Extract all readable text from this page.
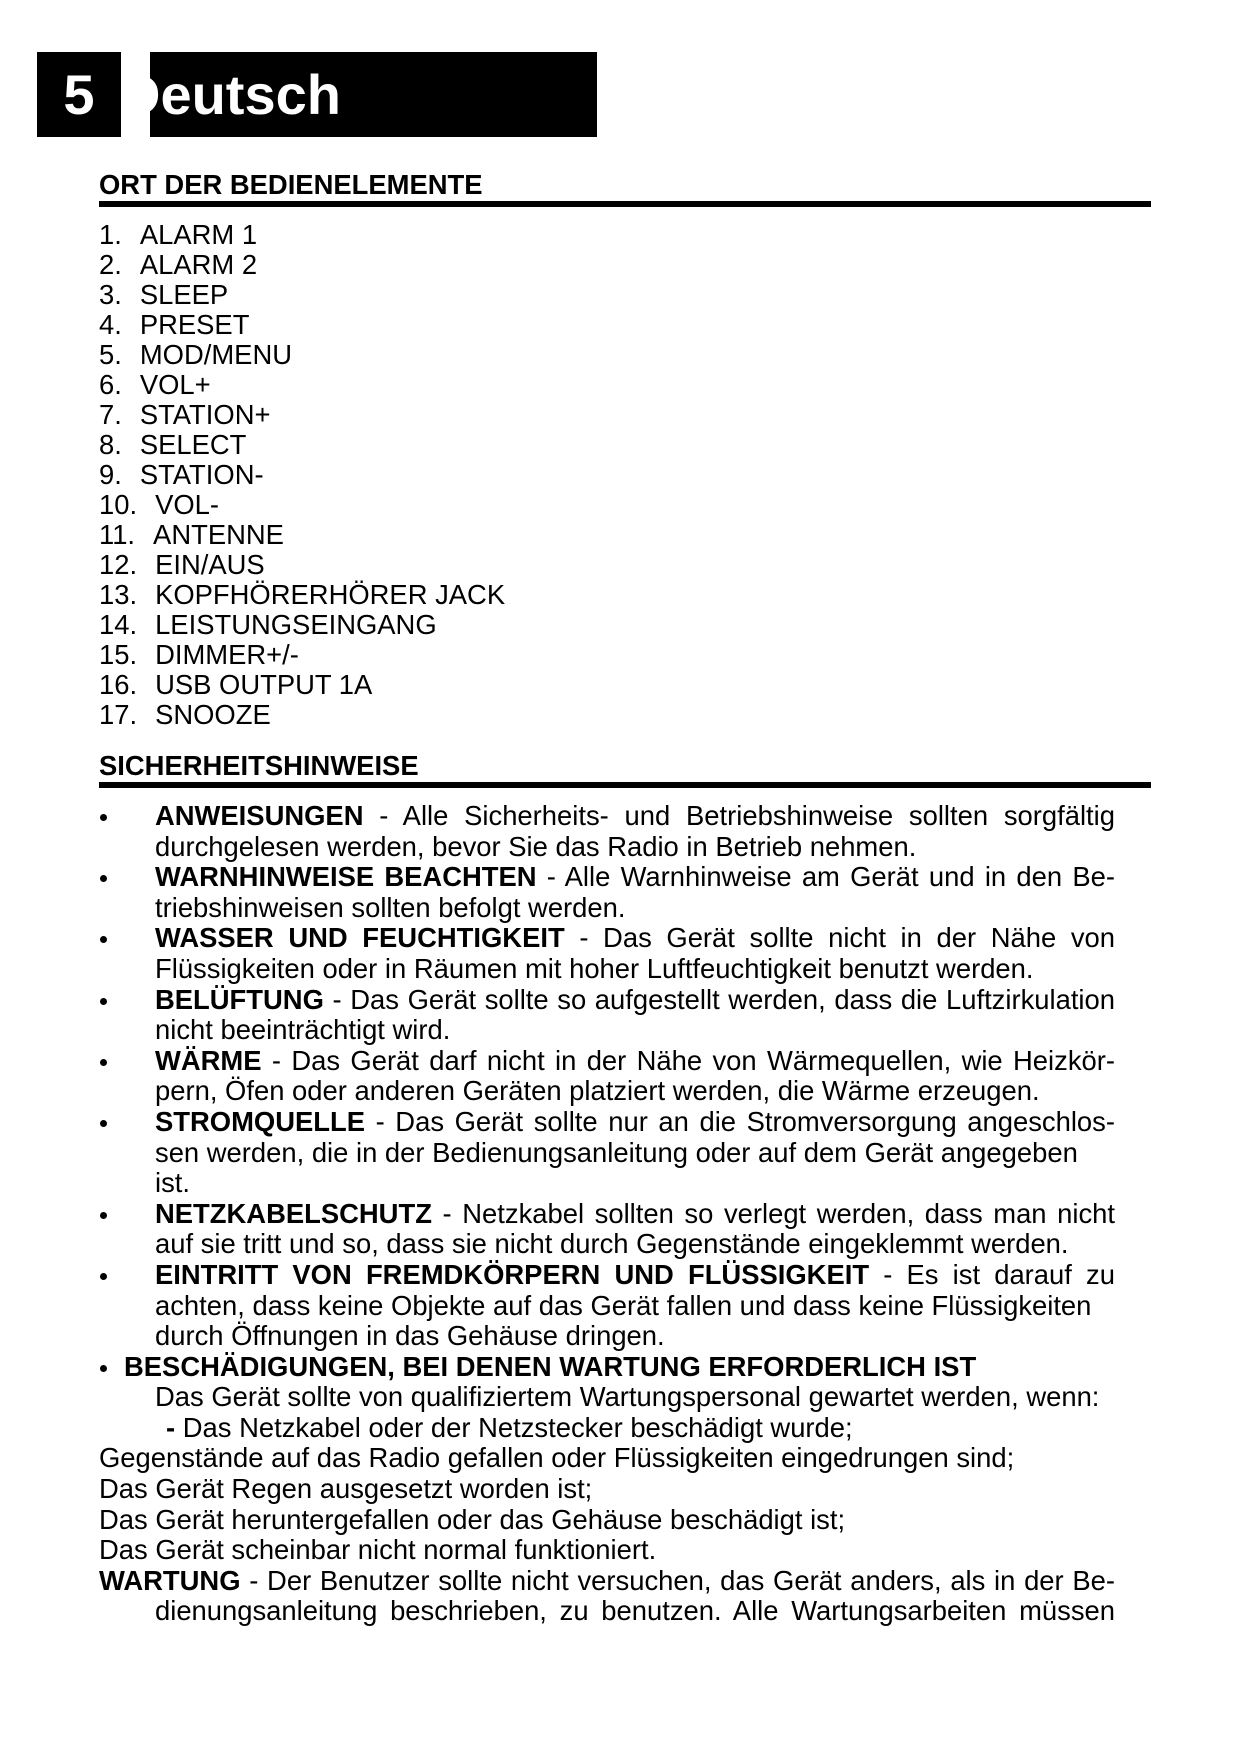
5 Deutsch
ORT DER BEDIENELEMENTE
1. ALARM 1
2. ALARM 2
3. SLEEP
4. PRESET
5. MOD/MENU
6. VOL+
7. STATION+
8. SELECT
9. STATION-
10. VOL-
11. ANTENNE
12. EIN/AUS
13. KOPFHÖRERHÖRER JACK
14. LEISTUNGSEINGANG
15. DIMMER+/-
16. USB OUTPUT 1A
17. SNOOZE
SICHERHEITSHINWEISE
ANWEISUNGEN - Alle Sicherheits- und Betriebshinweise sollten sorgfältig
durchgelesen werden, bevor Sie das Radio in Betrieb nehmen.
WARNHINWEISE BEACHTEN - Alle Warnhinweise am Gerät und in den Be-
triebshinweisen sollten befolgt werden.
WASSER UND FEUCHTIGKEIT - Das Gerät sollte nicht in der Nähe von
Flüssigkeiten oder in Räumen mit hoher Luftfeuchtigkeit benutzt werden.
BELÜFTUNG - Das Gerät sollte so aufgestellt werden, dass die Luftzirkulation
nicht beeinträchtigt wird.
WÄRME - Das Gerät darf nicht in der Nähe von Wärmequellen, wie Heizkör-
pern, Öfen oder anderen Geräten platziert werden, die Wärme erzeugen.
STROMQUELLE - Das Gerät sollte nur an die Stromversorgung angeschlos-
sen werden, die in der Bedienungsanleitung oder auf dem Gerät angegeben
ist.
NETZKABELSCHUTZ - Netzkabel sollten so verlegt werden, dass man nicht
auf sie tritt und so, dass sie nicht durch Gegenstände eingeklemmt werden.
EINTRITT VON FREMDKÖRPERN UND FLÜSSIGKEIT - Es ist darauf zu
achten, dass keine Objekte auf das Gerät fallen und dass keine Flüssigkeiten
durch Öffnungen in das Gehäuse dringen.
BESCHÄDIGUNGEN, BEI DENEN WARTUNG ERFORDERLICH IST
Das Gerät sollte von qualifiziertem Wartungspersonal gewartet werden, wenn:
- Das Netzkabel oder der Netzstecker beschädigt wurde;
Gegenstände auf das Radio gefallen oder Flüssigkeiten eingedrungen sind;
Das Gerät Regen ausgesetzt worden ist;
Das Gerät heruntergefallen oder das Gehäuse beschädigt ist;
Das Gerät scheinbar nicht normal funktioniert.
WARTUNG - Der Benutzer sollte nicht versuchen, das Gerät anders, als in der Be-
dienungsanleitung beschrieben, zu benutzen. Alle Wartungsarbeiten müssen
